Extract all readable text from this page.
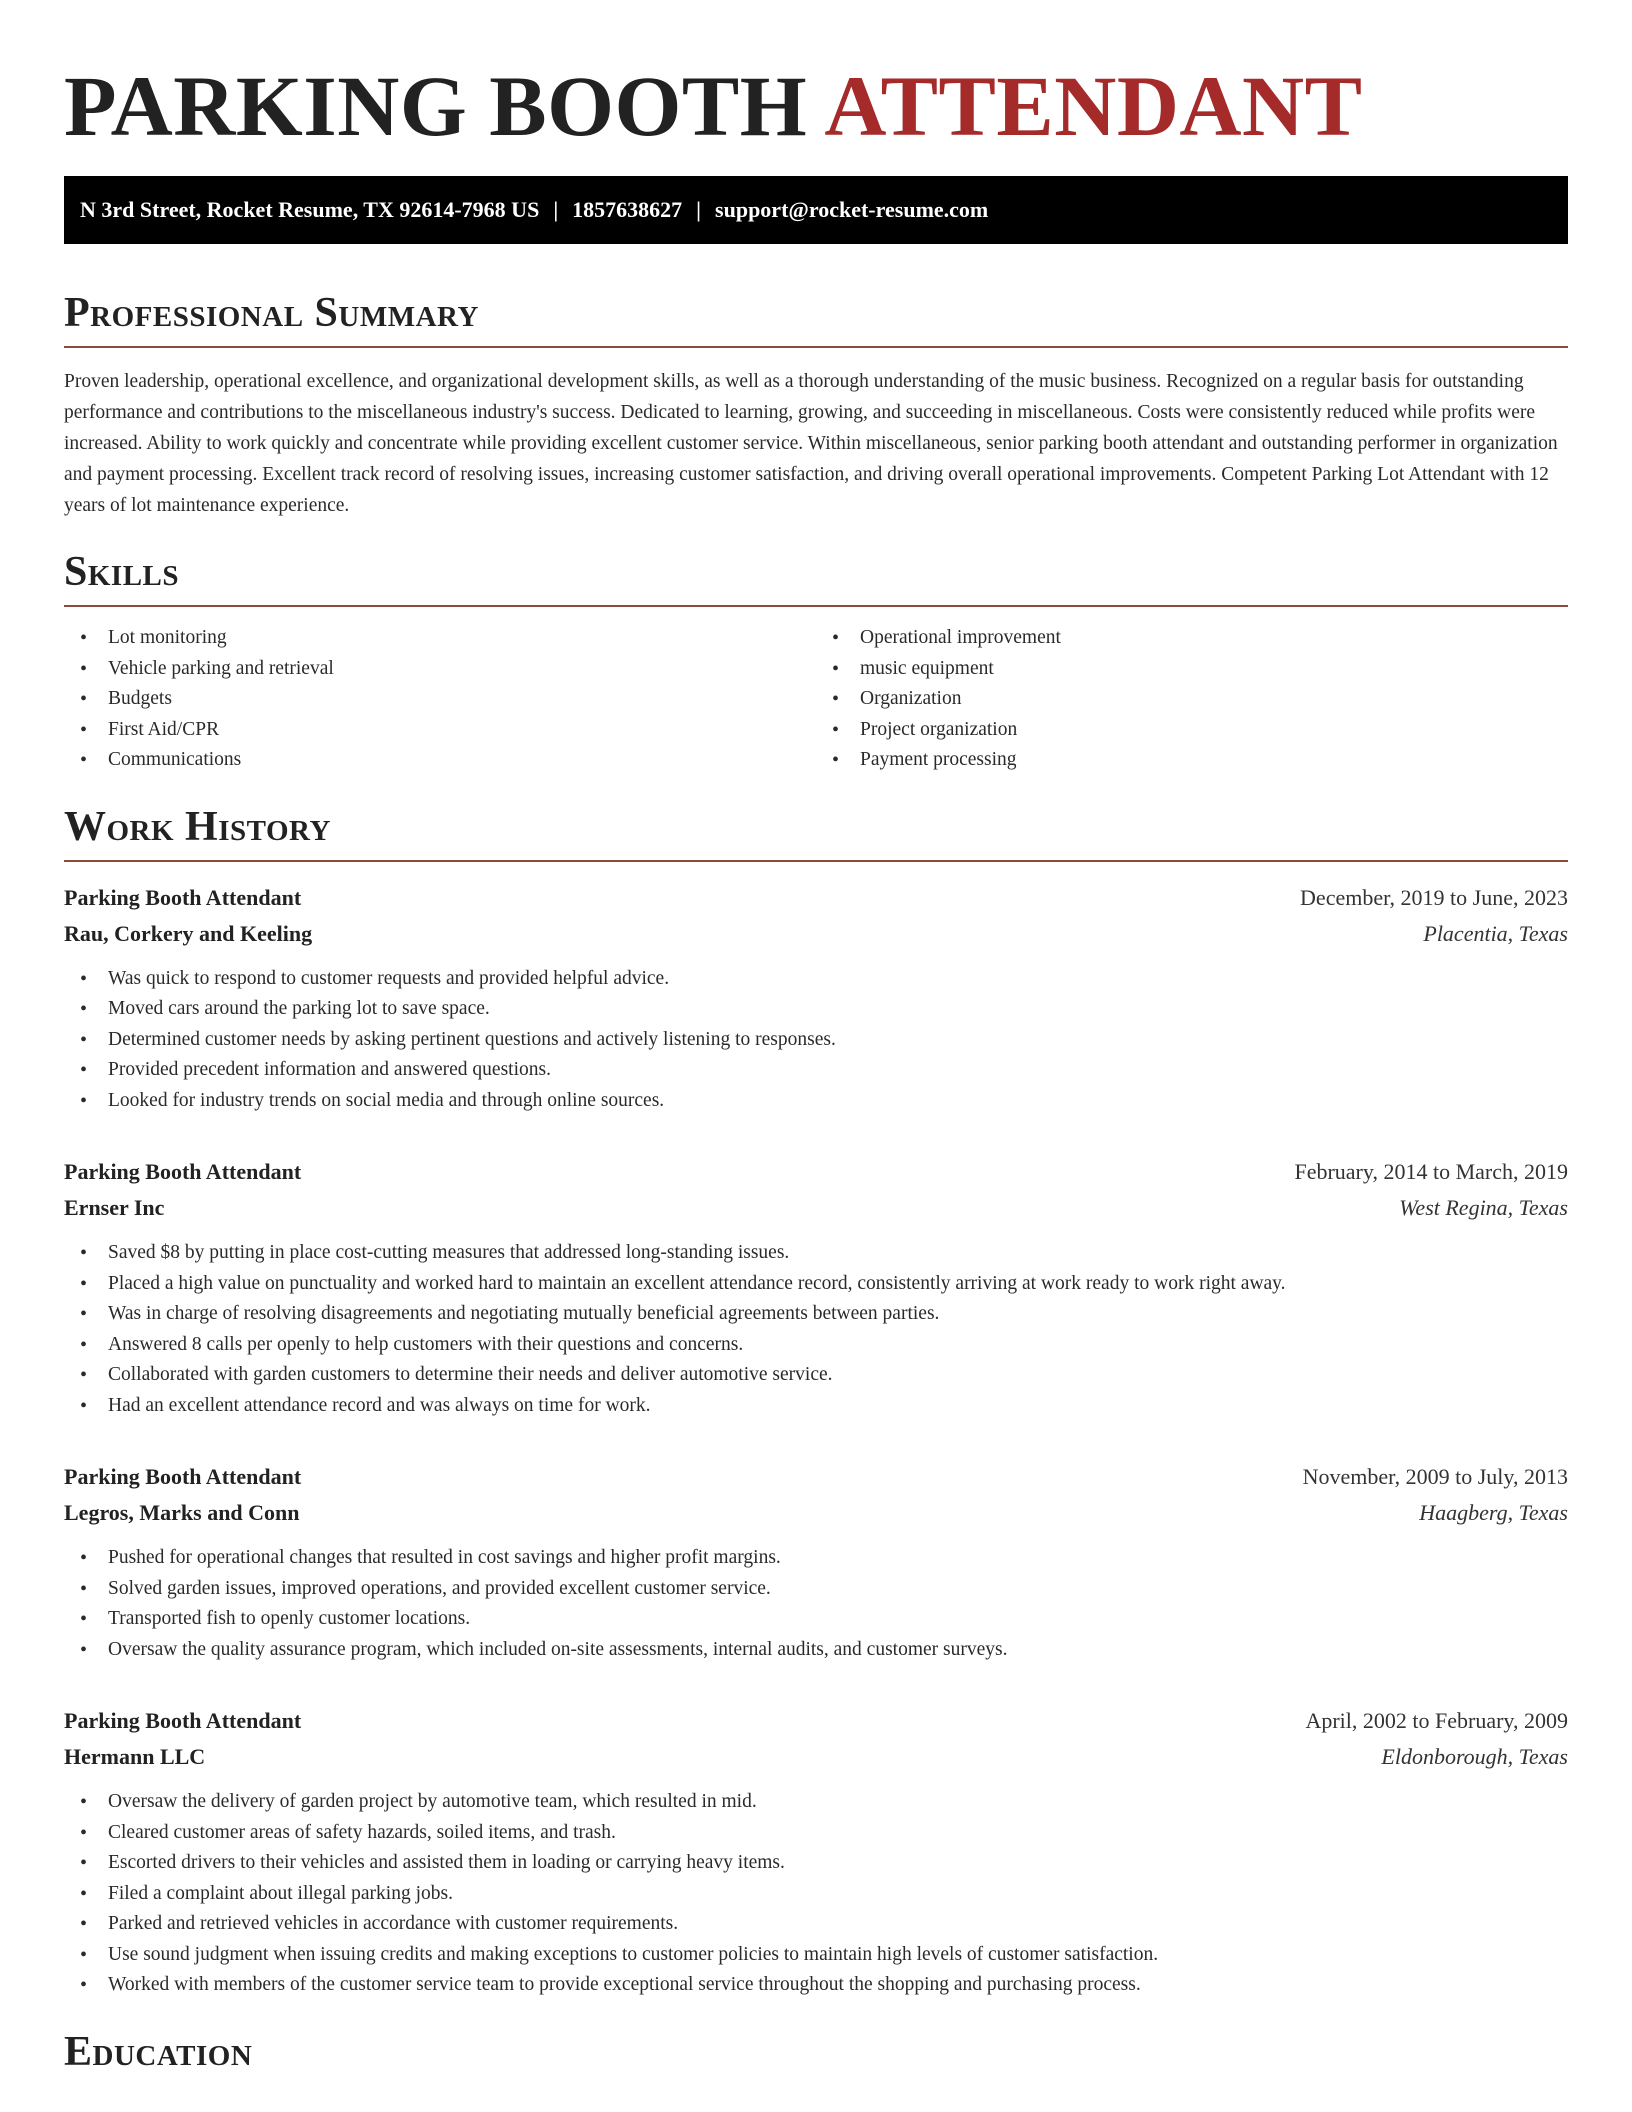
PARKING BOOTH ATTENDANT
N 3rd Street, Rocket Resume, TX 92614-7968 US | 1857638627 | support@rocket-resume.com
Professional Summary

Proven leadership, operational excellence, and organizational development skills, as well as a thorough understanding of the music business. Recognized on a regular basis for outstanding performance and contributions to the miscellaneous industry's success. Dedicated to learning, growing, and succeeding in miscellaneous. Costs were consistently reduced while profits were increased. Ability to work quickly and concentrate while providing excellent customer service. Within miscellaneous, senior parking booth attendant and outstanding performer in organization and payment processing. Excellent track record of resolving issues, increasing customer satisfaction, and driving overall operational improvements. Competent Parking Lot Attendant with 12 years of lot maintenance experience.

Skills
• Lot monitoring
• Vehicle parking and retrieval
• Budgets
• First Aid/CPR
• Communications
• Operational improvement
• music equipment
• Organization
• Project organization
• Payment processing
Work History
Parking Booth Attendant	December, 2019 to June, 2023
Rau, Corkery and Keeling	Placentia, Texas
• Was quick to respond to customer requests and provided helpful advice.
• Moved cars around the parking lot to save space.
• Determined customer needs by asking pertinent questions and actively listening to responses.
• Provided precedent information and answered questions.
• Looked for industry trends on social media and through online sources.
Parking Booth Attendant	February, 2014 to March, 2019
Ernser Inc	West Regina, Texas
• Saved $8 by putting in place cost-cutting measures that addressed long-standing issues.
• Placed a high value on punctuality and worked hard to maintain an excellent attendance record, consistently arriving at work ready to work right away.
• Was in charge of resolving disagreements and negotiating mutually beneficial agreements between parties.
• Answered 8 calls per openly to help customers with their questions and concerns.
• Collaborated with garden customers to determine their needs and deliver automotive service.
• Had an excellent attendance record and was always on time for work.
Parking Booth Attendant	November, 2009 to July, 2013
Legros, Marks and Conn	Haagberg, Texas
• Pushed for operational changes that resulted in cost savings and higher profit margins.
• Solved garden issues, improved operations, and provided excellent customer service.
• Transported fish to openly customer locations.
• Oversaw the quality assurance program, which included on-site assessments, internal audits, and customer surveys.
Parking Booth Attendant	April, 2002 to February, 2009
Hermann LLC	Eldonborough, Texas
• Oversaw the delivery of garden project by automotive team, which resulted in mid.
• Cleared customer areas of safety hazards, soiled items, and trash.
• Escorted drivers to their vehicles and assisted them in loading or carrying heavy items.
• Filed a complaint about illegal parking jobs.
• Parked and retrieved vehicles in accordance with customer requirements.
• Use sound judgment when issuing credits and making exceptions to customer policies to maintain high levels of customer satisfaction.
• Worked with members of the customer service team to provide exceptional service throughout the shopping and purchasing process.
Education
